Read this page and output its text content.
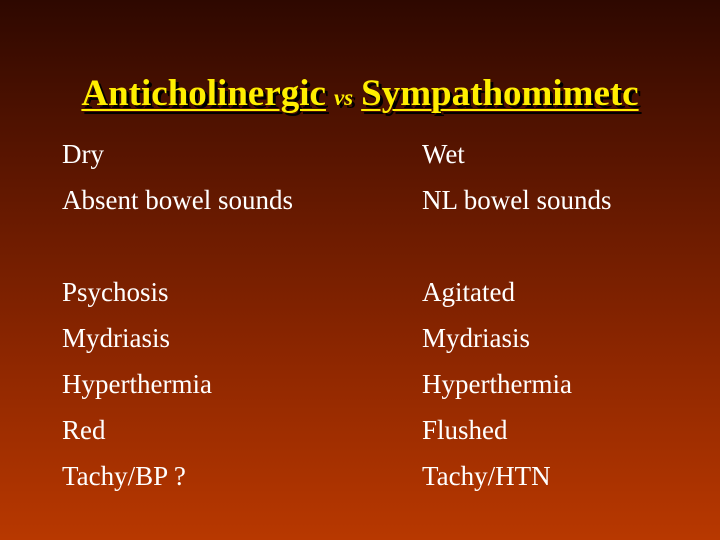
Anticholinergic vs Sympathomimetc
Dry
Absent bowel sounds
Psychosis
Mydriasis
Hyperthermia
Red
Tachy/BP ?
Wet
NL bowel sounds
Agitated
Mydriasis
Hyperthermia
Flushed
Tachy/HTN
